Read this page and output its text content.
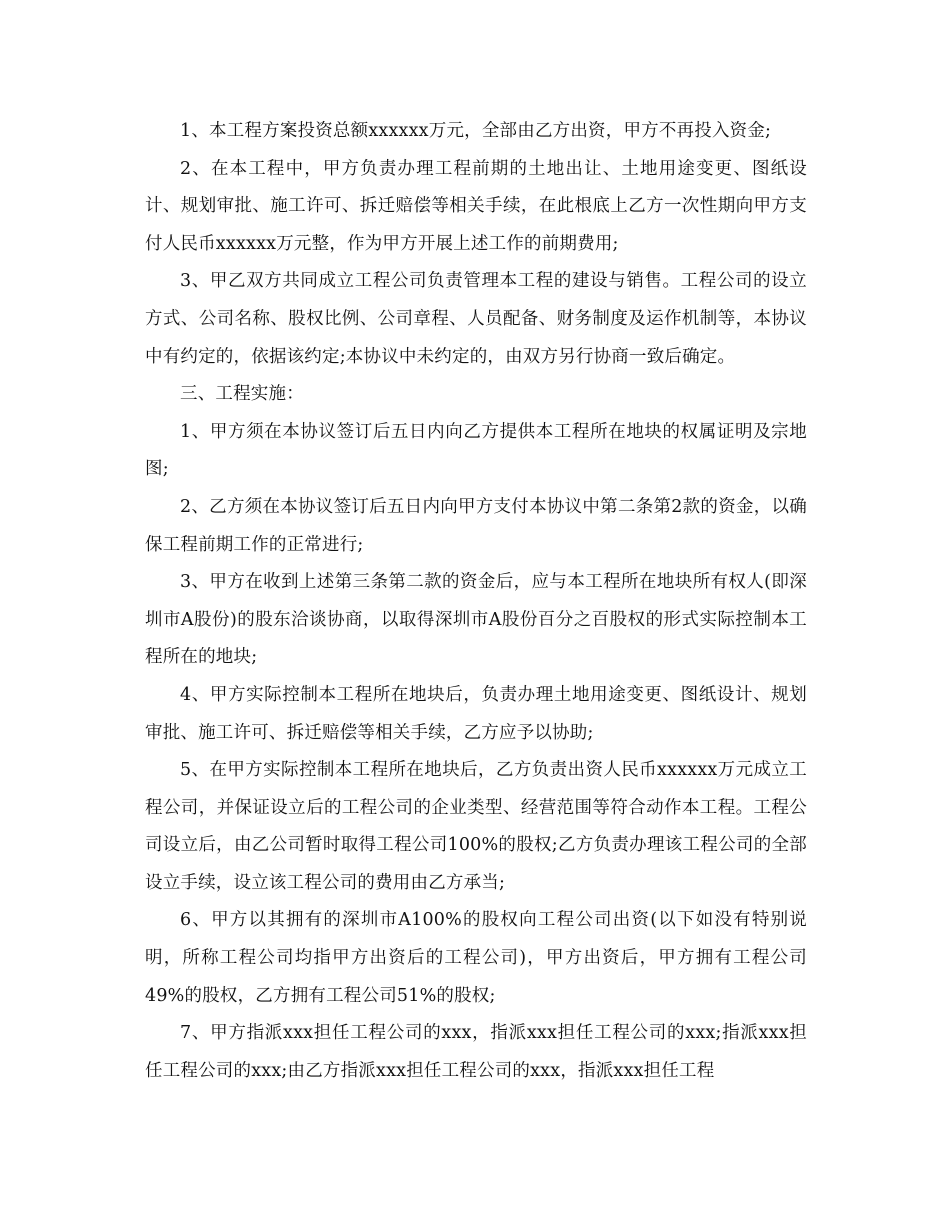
1、本工程方案投资总额xxxxxx万元，全部由乙方出资，甲方不再投入资金;

2、在本工程中，甲方负责办理工程前期的土地出让、土地用途变更、图纸设计、规划审批、施工许可、拆迁赔偿等相关手续，在此根底上乙方一次性期向甲方支付人民币xxxxxx万元整，作为甲方开展上述工作的前期费用;

3、甲乙双方共同成立工程公司负责管理本工程的建设与销售。工程公司的设立方式、公司名称、股权比例、公司章程、人员配备、财务制度及运作机制等，本协议中有约定的，依据该约定;本协议中未约定的，由双方另行协商一致后确定。

三、工程实施：

1、甲方须在本协议签订后五日内向乙方提供本工程所在地块的权属证明及宗地图;

2、乙方须在本协议签订后五日内向甲方支付本协议中第二条第2款的资金，以确保工程前期工作的正常进行;

3、甲方在收到上述第三条第二款的资金后，应与本工程所在地块所有权人(即深圳市A股份)的股东洽谈协商，以取得深圳市A股份百分之百股权的形式实际控制本工程所在的地块;

4、甲方实际控制本工程所在地块后，负责办理土地用途变更、图纸设计、规划审批、施工许可、拆迁赔偿等相关手续，乙方应予以协助;

5、在甲方实际控制本工程所在地块后，乙方负责出资人民币xxxxxx万元成立工程公司，并保证设立后的工程公司的企业类型、经营范围等符合动作本工程。工程公司设立后，由乙公司暂时取得工程公司100%的股权;乙方负责办理该工程公司的全部设立手续，设立该工程公司的费用由乙方承当;

6、甲方以其拥有的深圳市A100%的股权向工程公司出资(以下如没有特别说明，所称工程公司均指甲方出资后的工程公司)，甲方出资后，甲方拥有工程公司49%的股权，乙方拥有工程公司51%的股权;

7、甲方指派xxx担任工程公司的xxx，指派xxx担任工程公司的xxx;指派xxx担任工程公司的xxx;由乙方指派xxx担任工程公司的xxx，指派xxx担任工程
